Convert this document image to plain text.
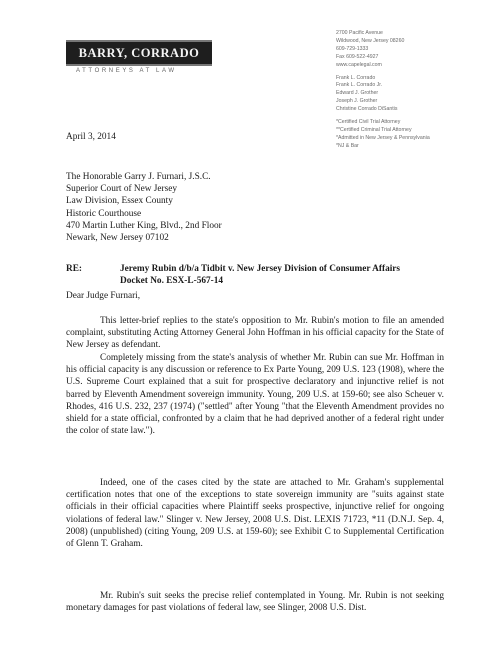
BARRY, CORRADO
ATTORNEYS AT LAW
2700 Pacific Avenue
Wildwood, New Jersey 08260
609-729-1333
Fax 609-522-4927
www.capelegal.com
Frank L. Corrado
Frank L. Corrado Jr.
Edward J. Grother
Joseph J. Grother
Christine Corrado DiSantis
*Certified Civil Trial Attorney
**Certified Criminal Trial Attorney
*Admitted in New Jersey & Pennsylvania
*NJ & Bar
April 3, 2014
The Honorable Garry J. Furnari, J.S.C.
Superior Court of New Jersey
Law Division, Essex County
Historic Courthouse
470 Martin Luther King, Blvd., 2nd Floor
Newark, New Jersey 07102
RE:	Jeremy Rubin d/b/a Tidbit v. New Jersey Division of Consumer Affairs
Docket No. ESX-L-567-14
Dear Judge Furnari,
This letter-brief replies to the state's opposition to Mr. Rubin's motion to file an amended complaint, substituting Acting Attorney General John Hoffman in his official capacity for the State of New Jersey as defendant.
Completely missing from the state's analysis of whether Mr. Rubin can sue Mr. Hoffman in his official capacity is any discussion or reference to Ex Parte Young, 209 U.S. 123 (1908), where the U.S. Supreme Court explained that a suit for prospective declaratory and injunctive relief is not barred by Eleventh Amendment sovereign immunity. Young, 209 U.S. at 159-60; see also Scheuer v. Rhodes, 416 U.S. 232, 237 (1974) ("settled" after Young "that the Eleventh Amendment provides no shield for a state official, confronted by a claim that he had deprived another of a federal right under the color of state law.").
Indeed, one of the cases cited by the state are attached to Mr. Graham's supplemental certification notes that one of the exceptions to state sovereign immunity are "suits against state officials in their official capacities where Plaintiff seeks prospective, injunctive relief for ongoing violations of federal law." Slinger v. New Jersey, 2008 U.S. Dist. LEXIS 71723, *11 (D.N.J. Sep. 4, 2008) (unpublished) (citing Young, 209 U.S. at 159-60); see Exhibit C to Supplemental Certification of Glenn T. Graham.
Mr. Rubin's suit seeks the precise relief contemplated in Young. Mr. Rubin is not seeking monetary damages for past violations of federal law, see Slinger, 2008 U.S. Dist.
